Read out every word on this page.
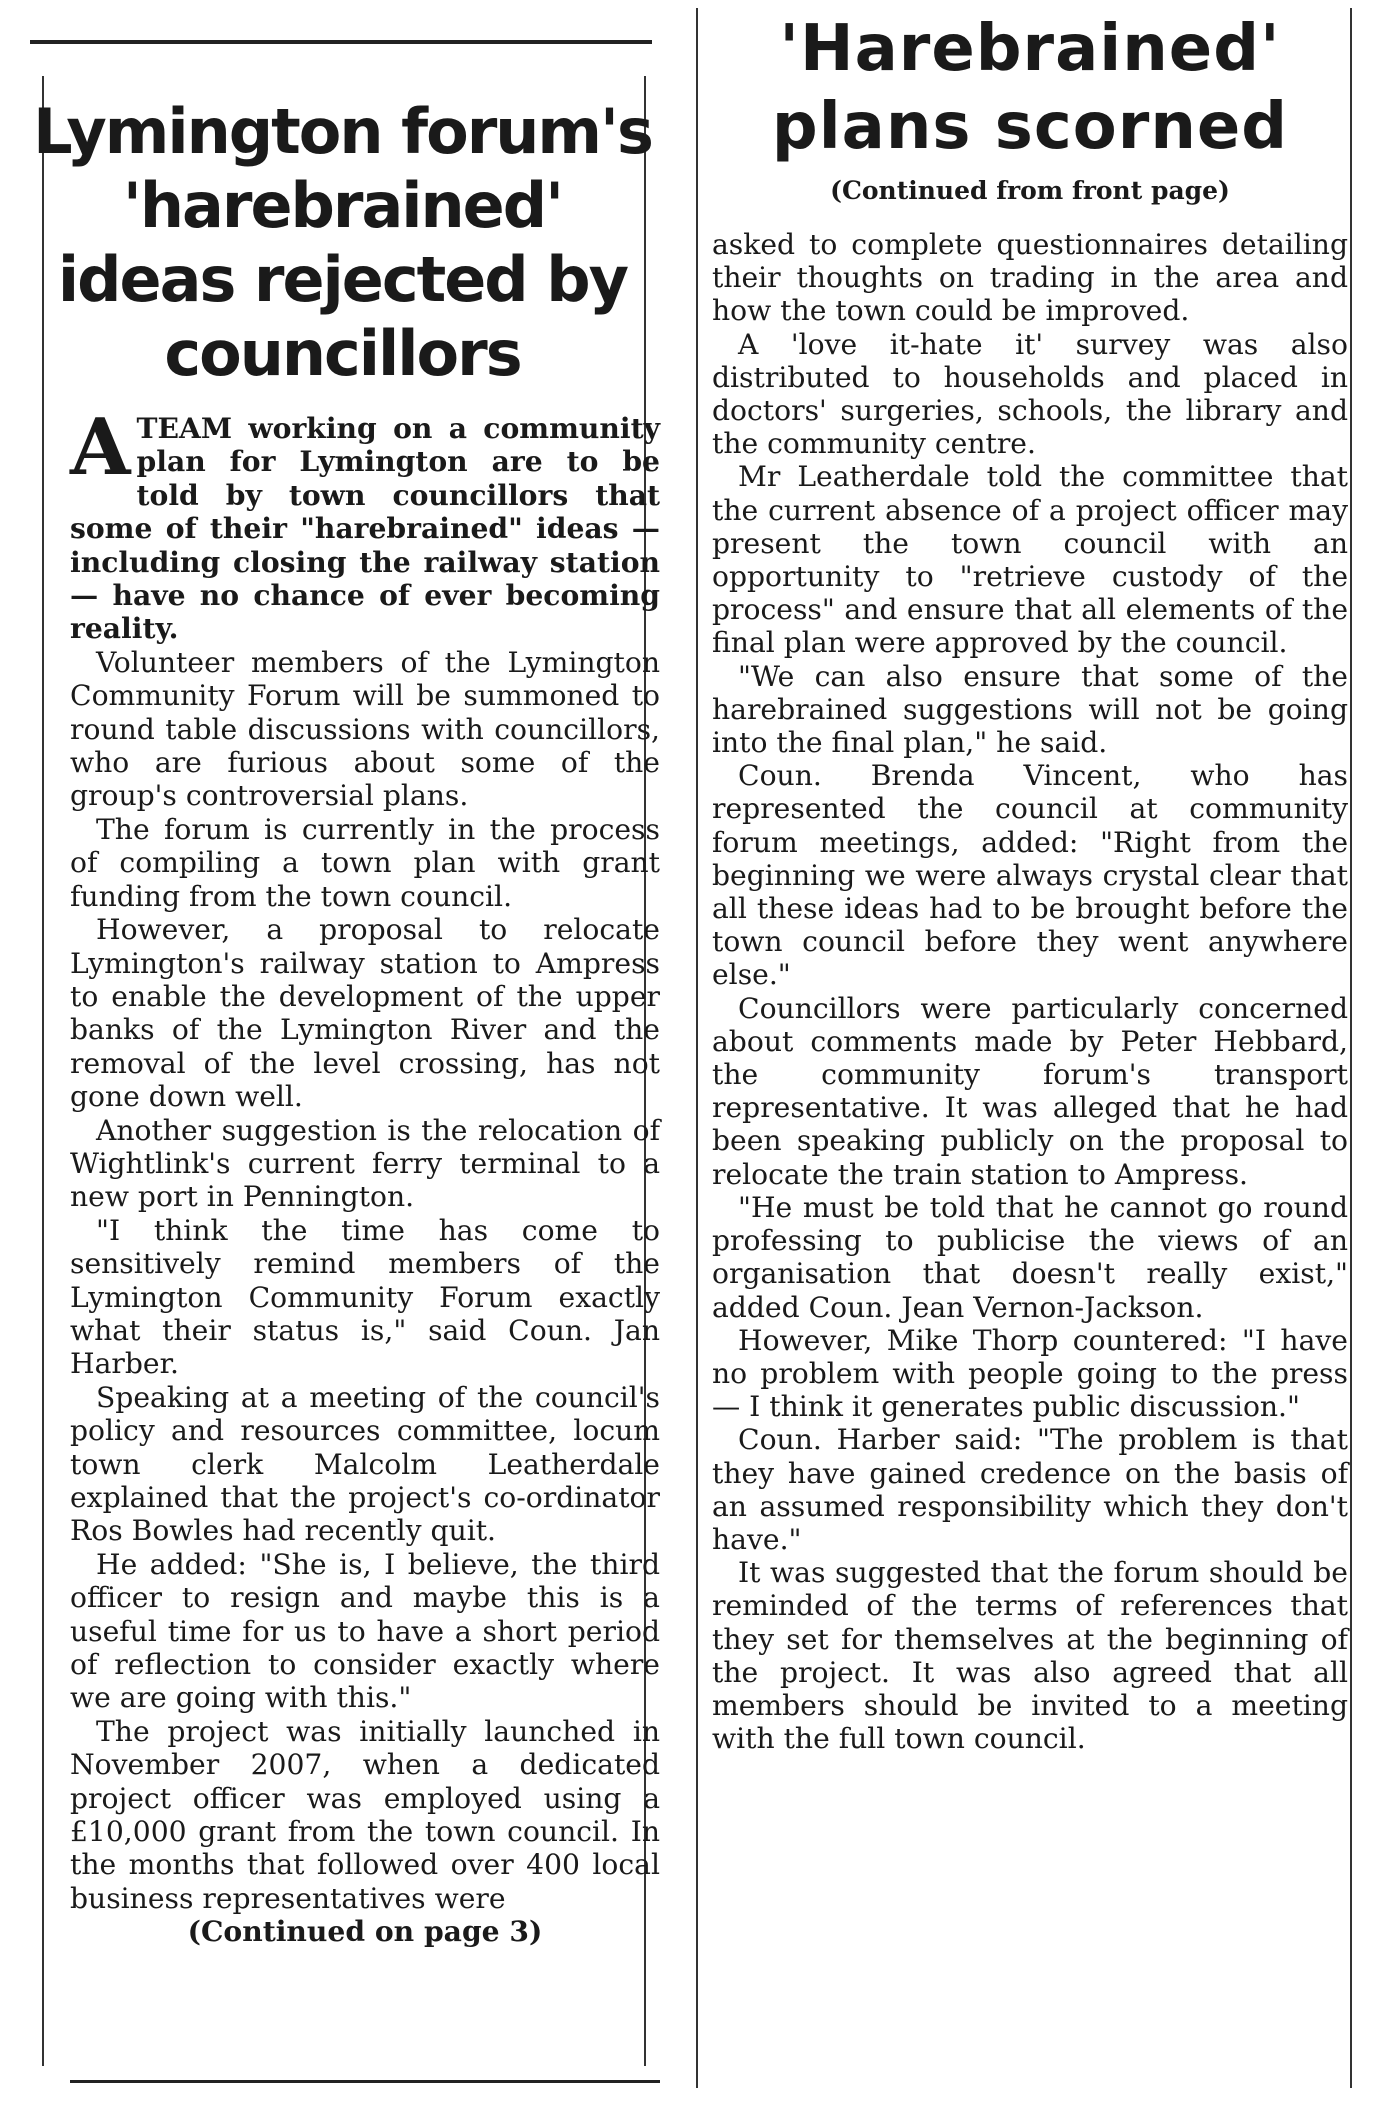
Lymington forum's 'harebrained' ideas rejected by councillors

ATEAM working on a community plan for Lymington are to be told by town councillors that some of their "harebrained" ideas — including closing the railway station — have no chance of ever becoming reality.

Volunteer members of the Lymington Community Forum will be summoned to round table discussions with councillors, who are furious about some of the group's controversial plans.

The forum is currently in the process of compiling a town plan with grant funding from the town council.

However, a proposal to relocate Lymington's railway station to Ampress to enable the development of the upper banks of the Lymington River and the removal of the level crossing, has not gone down well.

Another suggestion is the relocation of Wightlink's current ferry terminal to a new port in Pennington.

"I think the time has come to sensitively remind members of the Lymington Community Forum exactly what their status is," said Coun. Jan Harber.

Speaking at a meeting of the council's policy and resources committee, locum town clerk Malcolm Leatherdale explained that the project's co-ordinator Ros Bowles had recently quit.

He added: "She is, I believe, the third officer to resign and maybe this is a useful time for us to have a short period of reflection to consider exactly where we are going with this."

The project was initially launched in November 2007, when a dedicated project officer was employed using a £10,000 grant from the town council. In the months that followed over 400 local business representatives were

(Continued on page 3)

'Harebrained' plans scorned
(Continued from front page)

asked to complete questionnaires detailing their thoughts on trading in the area and how the town could be improved.

A 'love it-hate it' survey was also distributed to households and placed in doctors' surgeries, schools, the library and the community centre.

Mr Leatherdale told the committee that the current absence of a project officer may present the town council with an opportunity to "retrieve custody of the process" and ensure that all elements of the final plan were approved by the council.

"We can also ensure that some of the harebrained suggestions will not be going into the final plan," he said.

Coun. Brenda Vincent, who has represented the council at community forum meetings, added: "Right from the beginning we were always crystal clear that all these ideas had to be brought before the town council before they went anywhere else."

Councillors were particularly concerned about comments made by Peter Hebbard, the community forum's transport representative. It was alleged that he had been speaking publicly on the proposal to relocate the train station to Ampress.

"He must be told that he cannot go round professing to publicise the views of an organisation that doesn't really exist," added Coun. Jean Vernon-Jackson.

However, Mike Thorp countered: "I have no problem with people going to the press — I think it generates public discussion."

Coun. Harber said: "The problem is that they have gained credence on the basis of an assumed responsibility which they don't have."

It was suggested that the forum should be reminded of the terms of references that they set for themselves at the beginning of the project. It was also agreed that all members should be invited to a meeting with the full town council.
